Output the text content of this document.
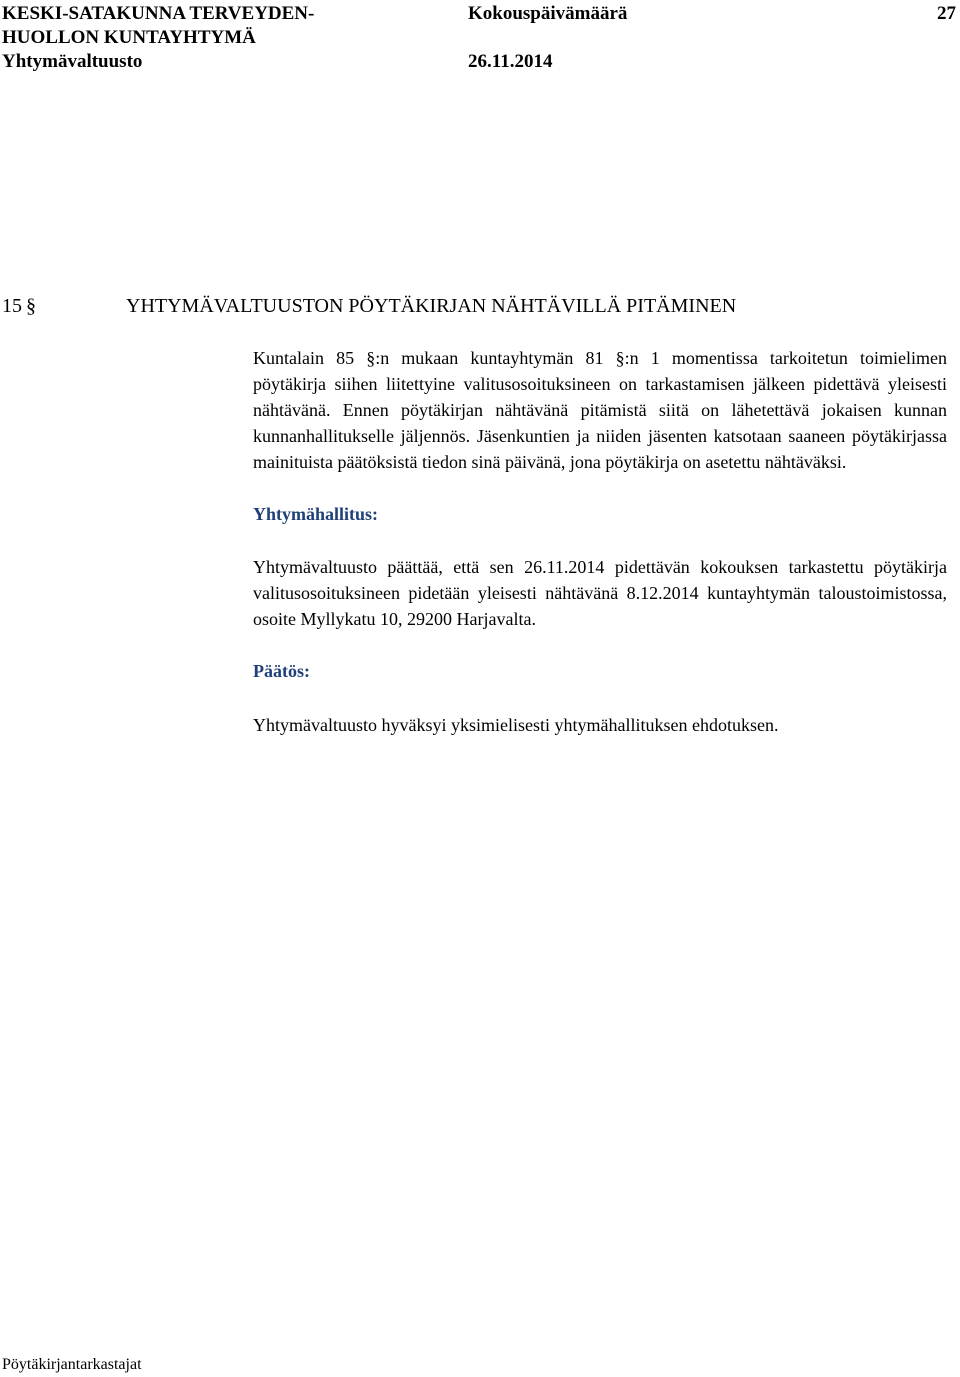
KESKI-SATAKUNNA TERVEYDEN-
HUOLLON KUNTAYHTYMÄ
Yhtymävaltuusto
Kokouspäivämäärä

26.11.2014
27
15 §	YHTYMÄVALTUUSTON PÖYTÄKIRJAN NÄHTÄVILLÄ PITÄMINEN

Kuntalain 85 §:n mukaan kuntayhtymän 81 §:n 1 momentissa tarkoitetun toimielimen pöytäkirja siihen liitettyine valitusosoituksineen on tarkastamisen jälkeen pidettävä yleisesti nähtävänä. Ennen pöytäkirjan nähtävänä pitämistä siitä on lähetettävä jokaisen kunnan kunnanhallitukselle jäljennös. Jäsenkuntien ja niiden jäsenten katsotaan saaneen pöytäkirjassa mainituista päätöksistä tiedon sinä päivänä, jona pöytäkirja on asetettu nähtäväksi.

Yhtymähallitus:

Yhtymävaltuusto päättää, että sen 26.11.2014 pidettävän kokouksen tarkastettu pöytäkirja valitusosoituksineen pidetään yleisesti nähtävänä 8.12.2014 kuntayhtymän taloustoimistossa, osoite Myllykatu 10, 29200 Harjavalta.

Päätös:

Yhtymävaltuusto hyväksyi yksimielisesti yhtymähallituksen ehdotuksen.

Pöytäkirjantarkastajat
